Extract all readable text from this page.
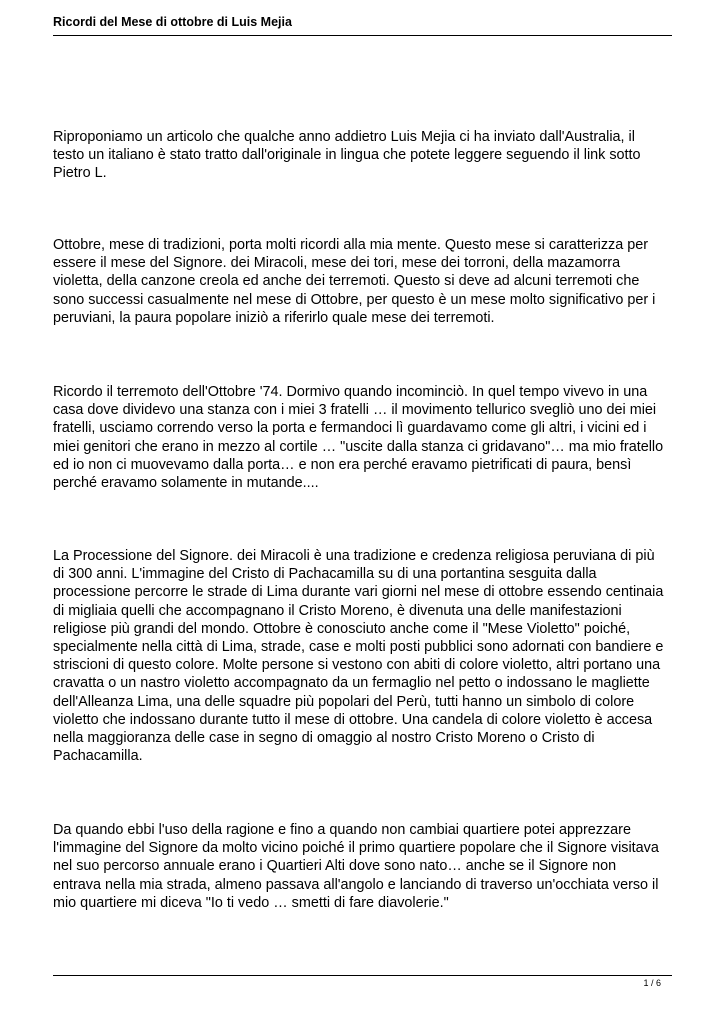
Ricordi del Mese di ottobre di Luis Mejia

Riproponiamo un articolo che qualche anno addietro Luis Mejia ci ha inviato dall'Australia, il
testo un italiano è stato tratto dall'originale in lingua che potete leggere seguendo il link sotto
Pietro L.

Ottobre, mese di tradizioni, porta molti ricordi alla mia mente. Questo mese si caratterizza per
essere il mese del Signore. dei Miracoli, mese dei tori, mese dei torroni, della mazamorra
violetta, della canzone creola ed anche dei terremoti. Questo si deve ad alcuni terremoti che
sono successi casualmente nel mese di Ottobre, per questo è un mese molto significativo per i
peruviani, la paura popolare iniziò a riferirlo quale mese dei terremoti.

Ricordo il terremoto dell'Ottobre '74. Dormivo quando incominciò. In quel tempo vivevo in una
casa dove dividevo una stanza con i miei 3 fratelli … il movimento tellurico svegliò uno dei miei
fratelli, usciamo correndo verso la porta e fermandoci lì guardavamo come gli altri, i vicini ed i
miei genitori che erano in mezzo al cortile … "uscite dalla stanza ci gridavano"… ma mio fratello
ed io non ci muovevamo dalla porta… e non era perché eravamo pietrificati di paura, bensì
perché eravamo solamente in mutande....

La Processione del Signore. dei Miracoli è una tradizione e credenza religiosa peruviana di più
di 300 anni. L'immagine del Cristo di Pachacamilla su di una portantina sesguita dalla
processione percorre le strade di Lima durante vari giorni nel mese di ottobre essendo centinaia
di migliaia quelli che accompagnano il Cristo Moreno, è divenuta una delle manifestazioni
religiose più grandi del mondo. Ottobre è conosciuto anche come il "Mese Violetto" poiché,
specialmente nella città di Lima, strade, case e molti posti pubblici sono adornati con bandiere e
striscioni di questo colore. Molte persone si vestono con abiti di colore violetto, altri portano una
cravatta o un nastro violetto accompagnato da un fermaglio nel petto o indossano le magliette
dell'Alleanza Lima, una delle squadre più popolari del Perù, tutti hanno un simbolo di colore
violetto che indossano durante tutto il mese di ottobre. Una candela di colore violetto è accesa
nella maggioranza delle case in segno di omaggio al nostro Cristo Moreno o Cristo di
Pachacamilla.

Da quando ebbi l'uso della ragione e fino a quando non cambiai quartiere potei apprezzare
l'immagine del Signore da molto vicino poiché il primo quartiere popolare che il Signore visitava
nel suo percorso annuale erano i Quartieri Alti dove sono nato… anche se il Signore non
entrava nella mia strada, almeno passava all'angolo e lanciando di traverso un'occhiata verso il
mio quartiere mi diceva "Io ti vedo … smetti di fare diavolerie."

1 / 6
